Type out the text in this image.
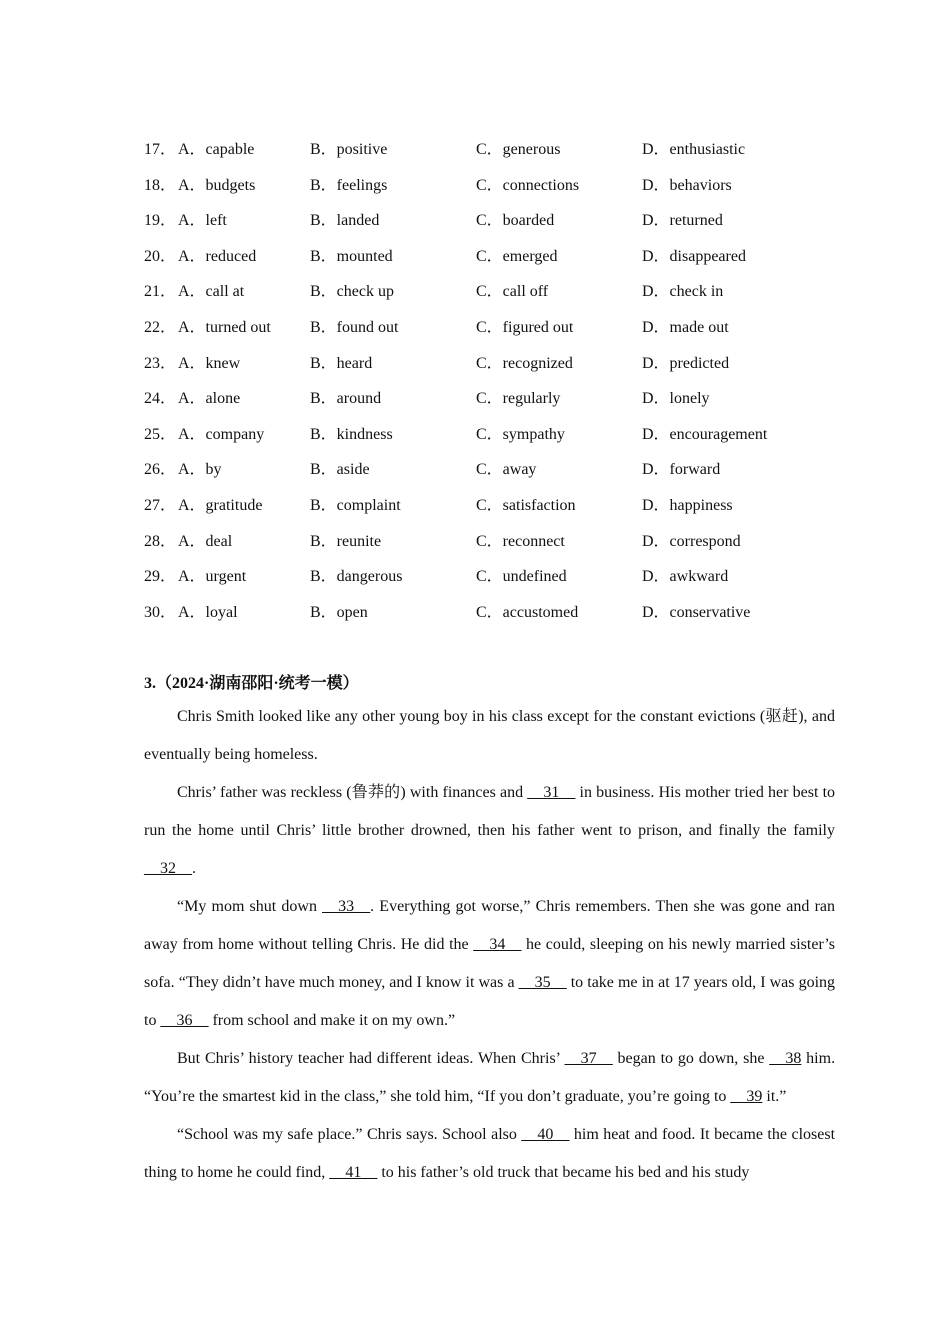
17． A．capable	B．positive	C．generous	D．enthusiastic
18． A．budgets	B．feelings	C．connections	D．behaviors
19． A．left	B．landed	C．boarded	D．returned
20． A．reduced	B．mounted	C．emerged	D．disappeared
21． A．call at	B．check up	C．call off	D．check in
22． A．turned out B．found out	C．figured out	D．made out
23． A．knew	B．heard	C．recognized	D．predicted
24． A．alone	B．around	C．regularly	D．lonely
25． A．company	B．kindness	C．sympathy	D．encouragement
26． A．by	B．aside	C．away	D．forward
27． A．gratitude	B．complaint	C．satisfaction	D．happiness
28． A．deal	B．reunite	C．reconnect	D．correspond
29． A．urgent	B．dangerous	C．undefined	D．awkward
30． A．loyal	B．open	C．accustomed	D．conservative
3.（2024·湖南邵阳·统考一模）

Chris Smith looked like any other young boy in his class except for the constant evictions (驱赶), and eventually being homeless.

Chris’ father was reckless (鲁莽的) with finances and __31__ in business. His mother tried her best to run the home until Chris’ little brother drowned, then his father went to prison, and finally the family __32__.

“My mom shut down __33__. Everything got worse,” Chris remembers. Then she was gone and ran away from home without telling Chris. He did the __34__ he could, sleeping on his newly married sister’s sofa. “They didn’t have much money, and I know it was a __35__ to take me in at 17 years old, I was going to __36__ from school and make it on my own.”

But Chris’ history teacher had different ideas. When Chris’ __37__ began to go down, she __38 him. “You’re the smartest kid in the class,” she told him, “If you don’t graduate, you’re going to __39 it.”

“School was my safe place.” Chris says. School also __40__ him heat and food. It became the closest thing to home he could find, __41__ to his father’s old truck that became his bed and his study
